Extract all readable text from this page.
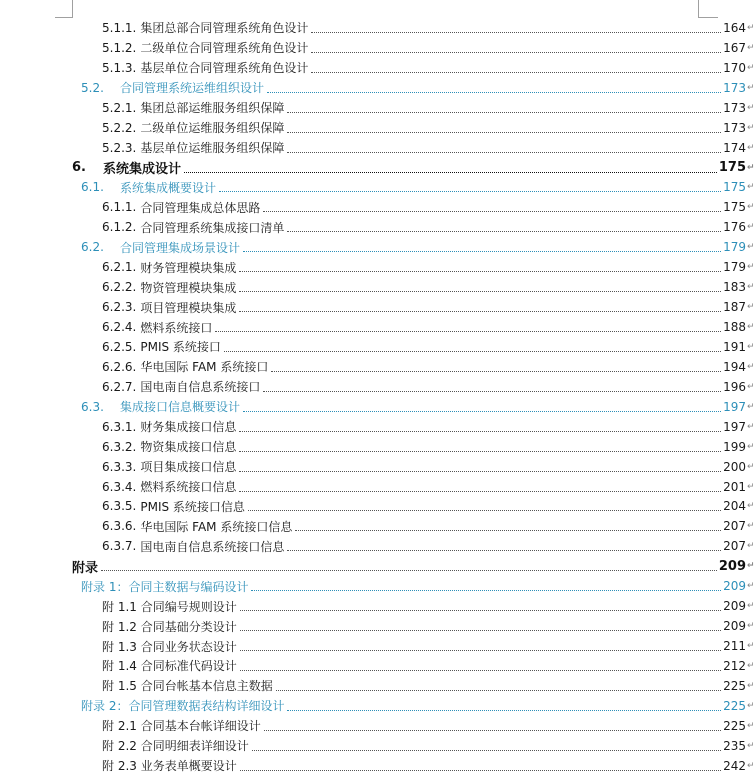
5.1.1. 集团总部合同管理系统角色设计	164 ↵
5.1.2. 二级单位合同管理系统角色设计	167 ↵
5.1.3. 基层单位合同管理系统角色设计	170 ↵
5.2.	合同管理系统运维组织设计	173 ↵
5.2.1. 集团总部运维服务组织保障	173 ↵
5.2.2. 二级单位运维服务组织保障	173 ↵
5.2.3. 基层单位运维服务组织保障	174 ↵
6.	系统集成设计	175 ↵
6.1.	系统集成概要设计	175 ↵
6.1.1. 合同管理集成总体思路	175 ↵
6.1.2. 合同管理系统集成接口清单	176 ↵
6.2.	合同管理集成场景设计	179 ↵
6.2.1. 财务管理模块集成	179 ↵
6.2.2. 物资管理模块集成	183 ↵
6.2.3. 项目管理模块集成	187 ↵
6.2.4. 燃料系统接口	188 ↵
6.2.5. PMIS 系统接口	191 ↵
6.2.6. 华电国际 FAM 系统接口	194 ↵
6.2.7. 国电南自信息系统接口	196 ↵
6.3.	集成接口信息概要设计	197 ↵
6.3.1. 财务集成接口信息	197 ↵
6.3.2. 物资集成接口信息	199 ↵
6.3.3. 项目集成接口信息	200 ↵
6.3.4. 燃料系统接口信息	201 ↵
6.3.5. PMIS 系统接口信息	204 ↵
6.3.6. 华电国际 FAM 系统接口信息	207 ↵
6.3.7. 国电南自信息系统接口信息	207 ↵
附录	209 ↵
附录 1：合同主数据与编码设计	209 ↵
附 1.1 合同编号规则设计	209 ↵
附 1.2 合同基础分类设计	209 ↵
附 1.3 合同业务状态设计	211 ↵
附 1.4 合同标准代码设计	212 ↵
附 1.5 合同台帐基本信息主数据	225 ↵
附录 2：合同管理数据表结构详细设计	225 ↵
附 2.1 合同基本台帐详细设计	225 ↵
附 2.2 合同明细表详细设计	235 ↵
附 2.3 业务表单概要设计	242 ↵
